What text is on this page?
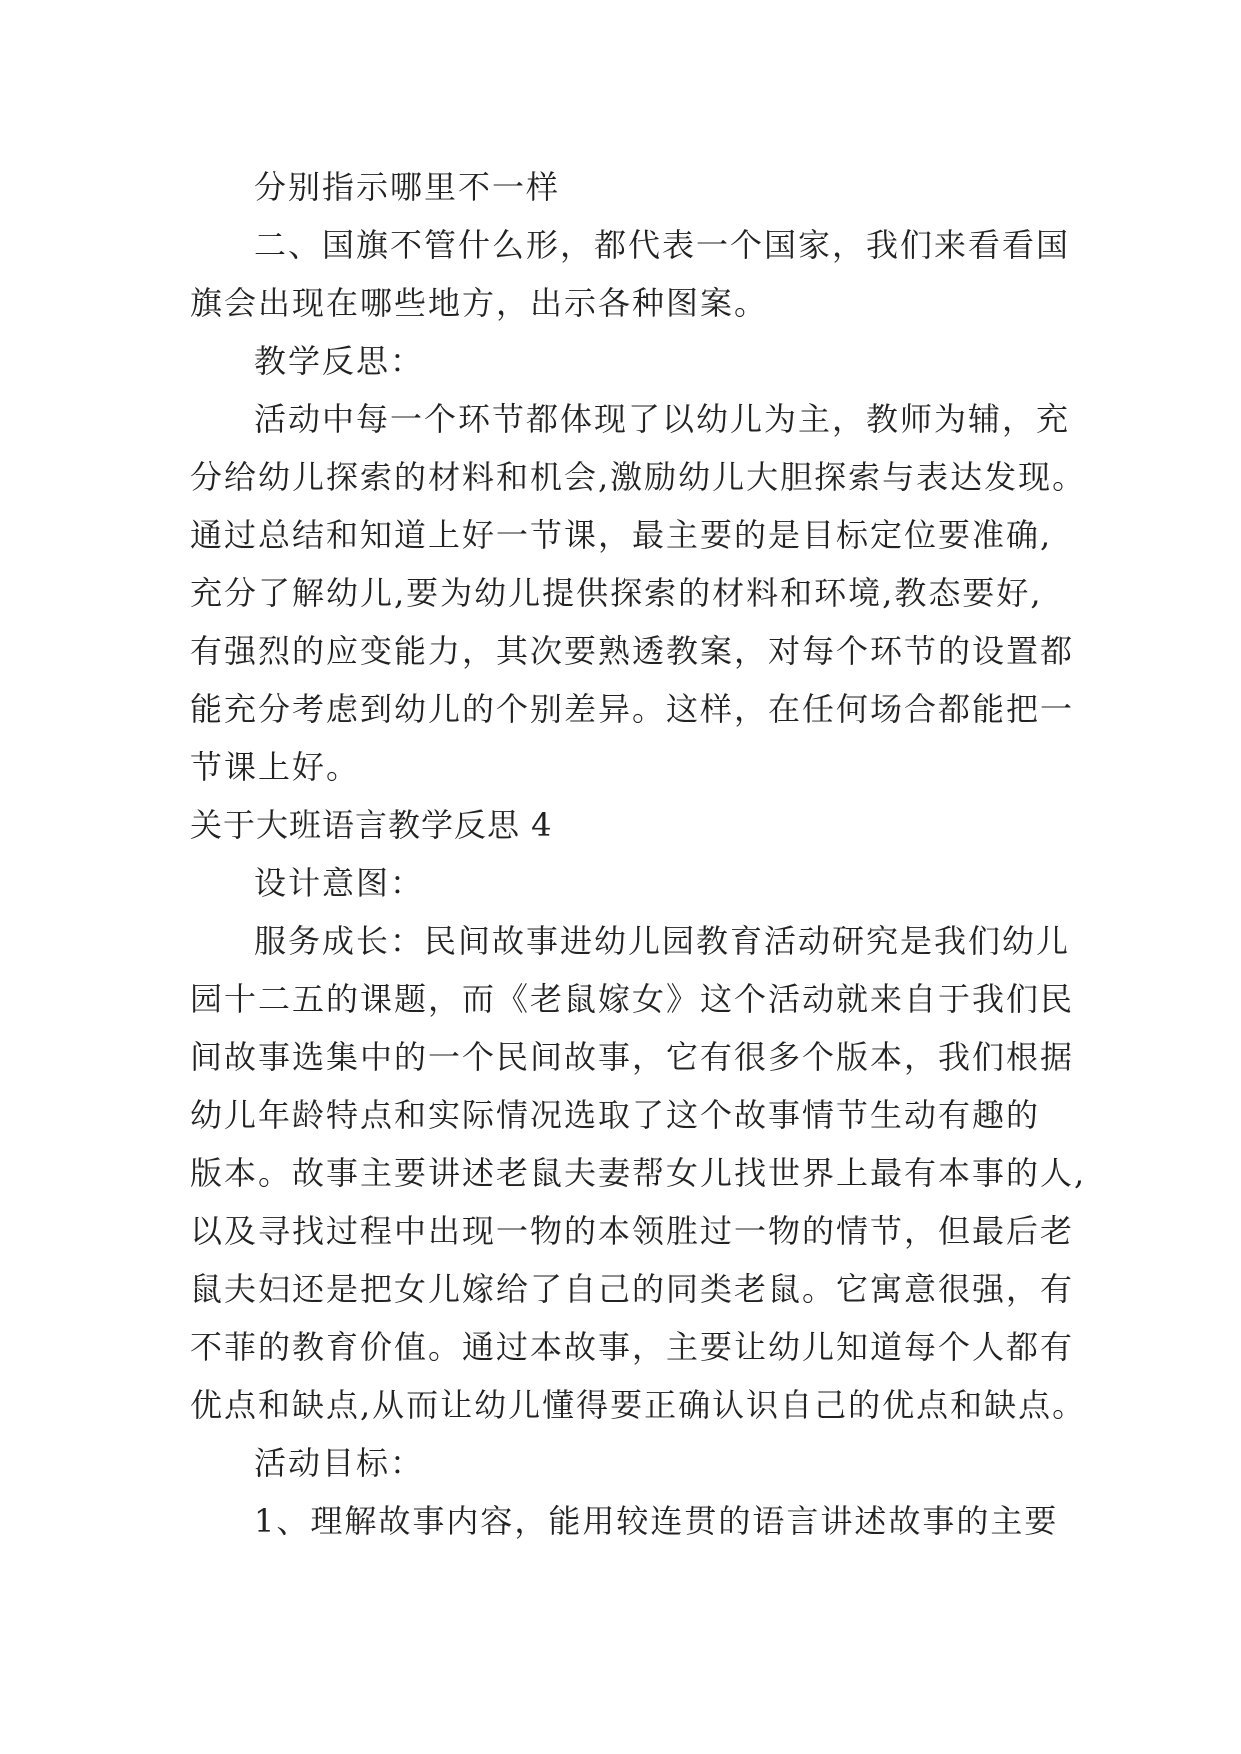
分别指示哪里不一样
二、国旗不管什么形，都代表一个国家，我们来看看国
旗会出现在哪些地方，出示各种图案。
教学反思：
活动中每一个环节都体现了以幼儿为主，教师为辅，充
分给幼儿探索的材料和机会,激励幼儿大胆探索与表达发现。
通过总结和知道上好一节课，最主要的是目标定位要准确,
充分了解幼儿,要为幼儿提供探索的材料和环境,教态要好,
有强烈的应变能力，其次要熟透教案，对每个环节的设置都
能充分考虑到幼儿的个别差异。这样，在任何场合都能把一
节课上好。
关于大班语言教学反思 4
设计意图：
服务成长：民间故事进幼儿园教育活动研究是我们幼儿
园十二五的课题，而《老鼠嫁女》这个活动就来自于我们民
间故事选集中的一个民间故事，它有很多个版本，我们根据
幼儿年龄特点和实际情况选取了这个故事情节生动有趣的
版本。故事主要讲述老鼠夫妻帮女儿找世界上最有本事的人,
以及寻找过程中出现一物的本领胜过一物的情节，但最后老
鼠夫妇还是把女儿嫁给了自己的同类老鼠。它寓意很强，有
不菲的教育价值。通过本故事，主要让幼儿知道每个人都有
优点和缺点,从而让幼儿懂得要正确认识自己的优点和缺点。
活动目标：
1、理解故事内容，能用较连贯的语言讲述故事的主要
